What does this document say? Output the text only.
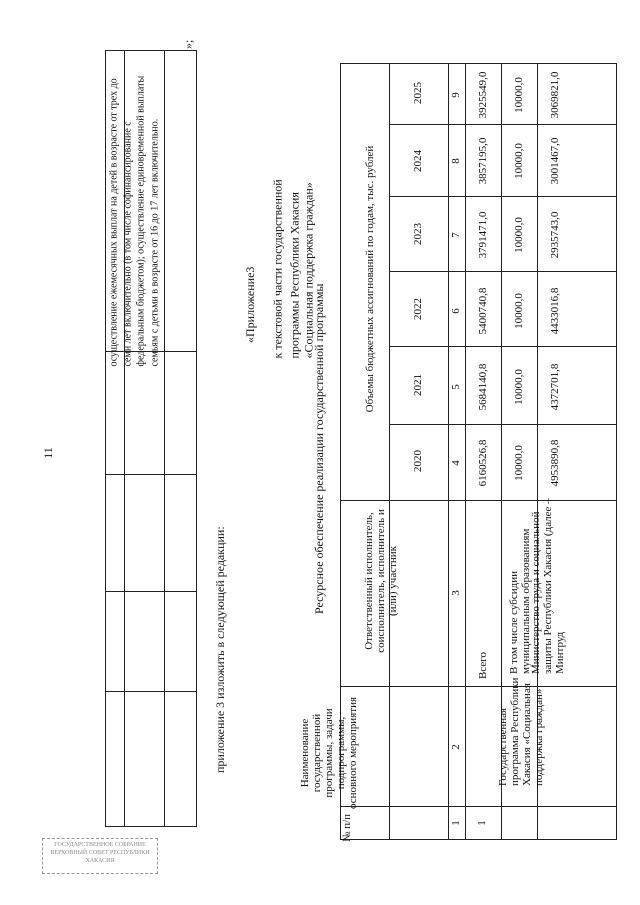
осуществление ежемесячных выплат на детей в возрасте от трех до семи лет включительно (в том числе софинансирование с федеральным бюджетом); осуществление единовременной выплаты семьям с детьми в возрасте от 16 до 17 лет включительно.
»;
11
приложение 3 изложить в следующей редакции:
«Приложение3 к текстовой части государственной программы Республики Хакасия «Социальная поддержка граждан»
Ресурсное обеспечение реализации государственной программы
ГОСУДАРСТВЕННОЕ СОБРАНИЕ ВЕРХОВНЫЙ СОВЕТ РЕСПУБЛИКИ ХАКАСИЯ
№ п/п
Наименование государственной программы, задачи подпрограммы, основного мероприятия
Ответственный исполнитель, соисполнитель, исполнитель и (или) участник
Объемы бюджетных ассигнований по годам, тыс. рублей
2020
2021
2022
2023
2024
2025
1
2
3
4
5
6
7
8
9
1
Государственная программа Республики Хакасия «Социальная поддержка граждан»
Всего
6160526,8
5684140,8
5400740,8
3791471,0
3857195,0
3925549,0
В том числе субсидии муниципальным образованиям
10000,0
10000,0
10000,0
10000,0
10000,0
10000,0
Министерство труда и социальной защиты Республики Хакасия (далее – Минтруд
4953890,8
4372701,8
4433016,8
2935743,0
3001467,0
3069821,0
